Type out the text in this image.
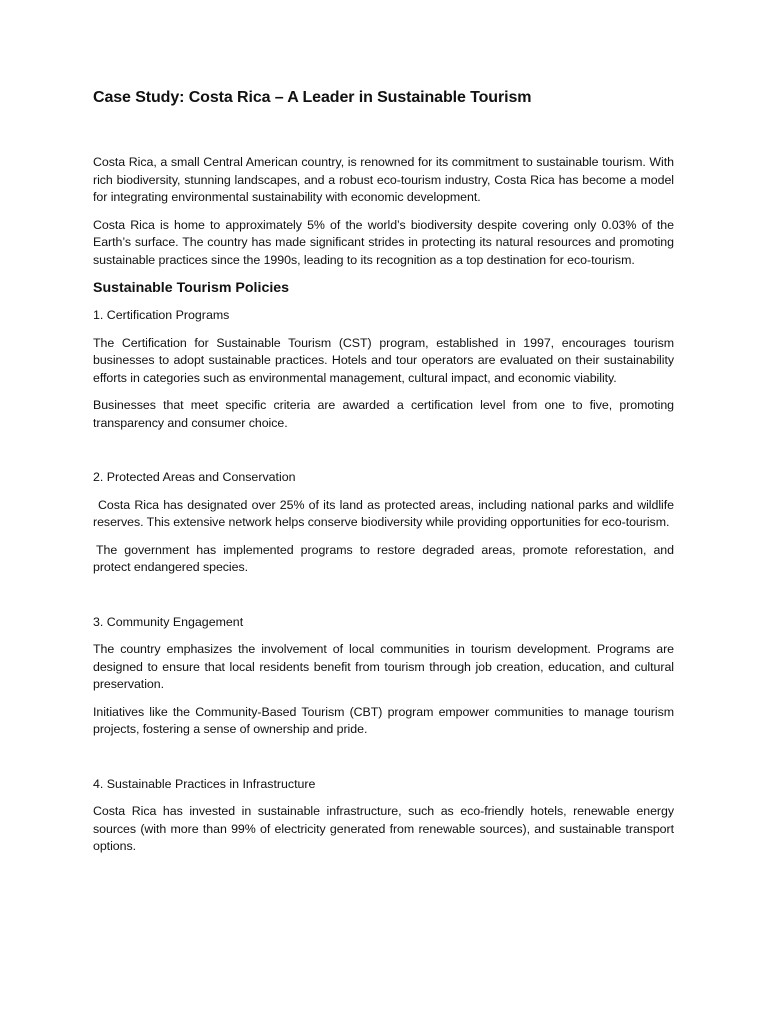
Case Study: Costa Rica – A Leader in Sustainable Tourism

Costa Rica, a small Central American country, is renowned for its commitment to sustainable tourism. With rich biodiversity, stunning landscapes, and a robust eco-tourism industry, Costa Rica has become a model for integrating environmental sustainability with economic development.

Costa Rica is home to approximately 5% of the world’s biodiversity despite covering only 0.03% of the Earth’s surface. The country has made significant strides in protecting its natural resources and promoting sustainable practices since the 1990s, leading to its recognition as a top destination for eco-tourism.

Sustainable Tourism Policies
1. Certification Programs

The Certification for Sustainable Tourism (CST) program, established in 1997, encourages tourism businesses to adopt sustainable practices. Hotels and tour operators are evaluated on their sustainability efforts in categories such as environmental management, cultural impact, and economic viability.

Businesses that meet specific criteria are awarded a certification level from one to five, promoting transparency and consumer choice.

2. Protected Areas and Conservation

Costa Rica has designated over 25% of its land as protected areas, including national parks and wildlife reserves. This extensive network helps conserve biodiversity while providing opportunities for eco-tourism.

The government has implemented programs to restore degraded areas, promote reforestation, and protect endangered species.

3. Community Engagement

The country emphasizes the involvement of local communities in tourism development. Programs are designed to ensure that local residents benefit from tourism through job creation, education, and cultural preservation.

Initiatives like the Community-Based Tourism (CBT) program empower communities to manage tourism projects, fostering a sense of ownership and pride.

4. Sustainable Practices in Infrastructure

Costa Rica has invested in sustainable infrastructure, such as eco-friendly hotels, renewable energy sources (with more than 99% of electricity generated from renewable sources), and sustainable transport options.
